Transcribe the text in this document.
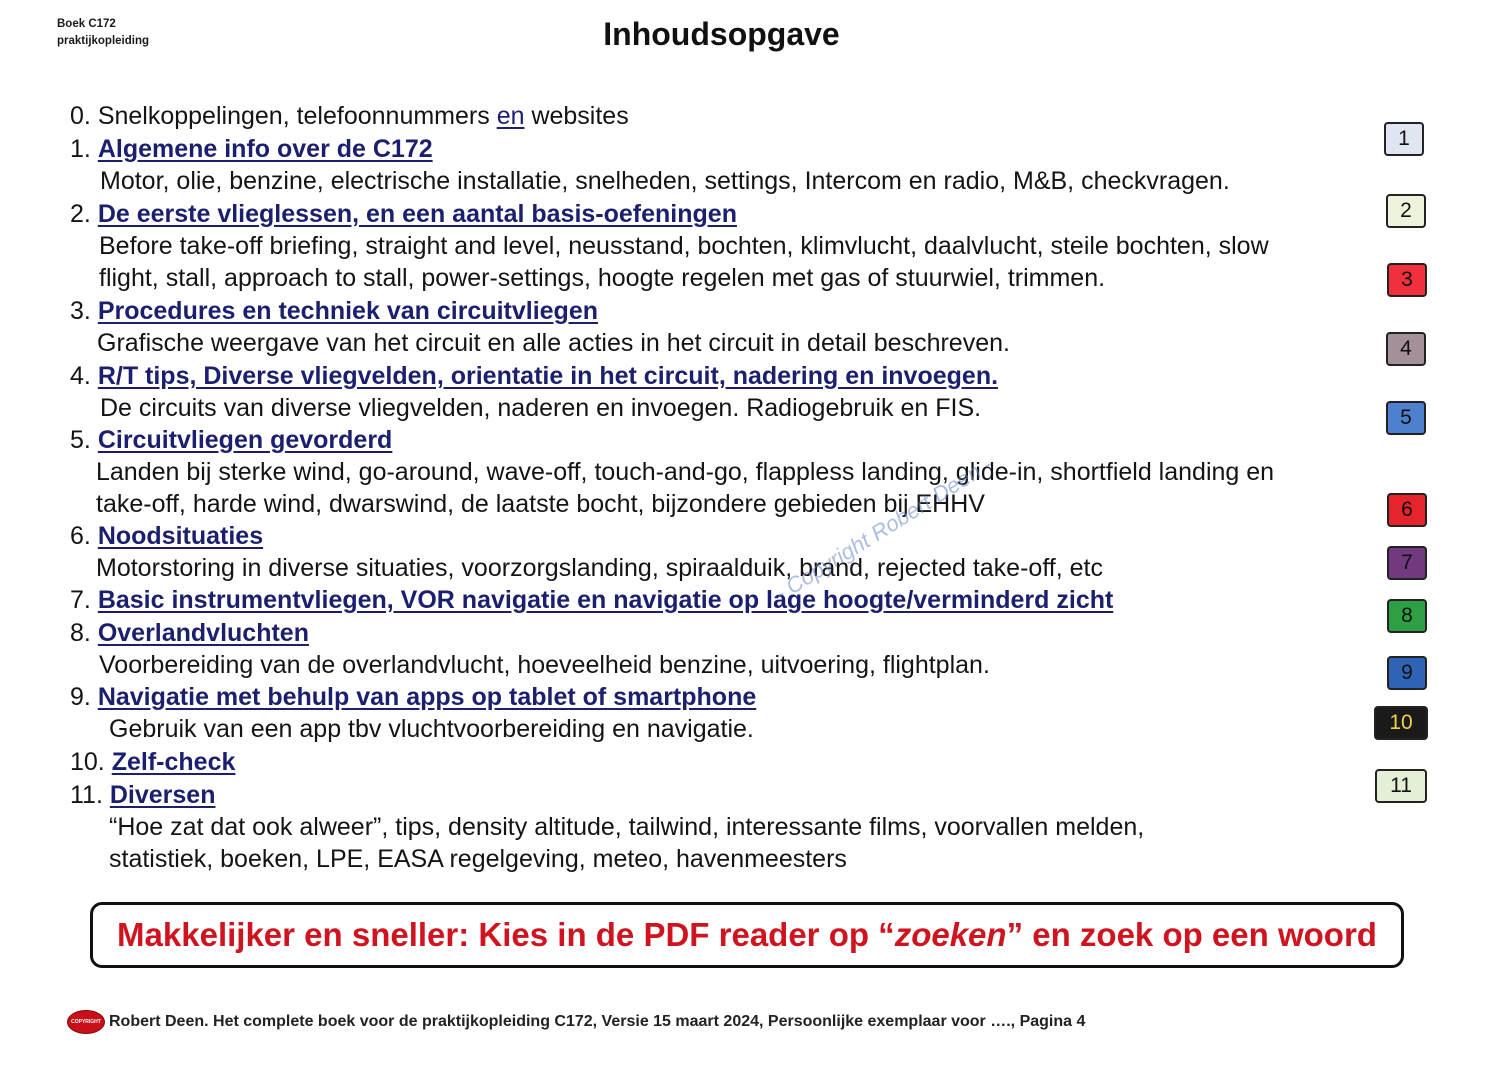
Boek C172
praktijkopleiding	Inhoudsopgave
0. Snelkoppelingen, telefoonnummers en websites
1. Algemene info over de C172
Motor, olie, benzine, electrische installatie, snelheden, settings, Intercom en radio, M&B, checkvragen.
2. De eerste vlieglessen, en een aantal basis-oefeningen
Before take-off briefing, straight and level, neusstand, bochten, klimvlucht, daalvlucht, steile bochten, slow
flight, stall, approach to stall, power-settings, hoogte regelen met gas of stuurwiel, trimmen.
3. Procedures en techniek van circuitvliegen
Grafische weergave van het circuit en alle acties in het circuit in detail beschreven.
4. R/T tips, Diverse vliegvelden, orientatie in het circuit, nadering en invoegen.
De circuits van diverse vliegvelden, naderen en invoegen. Radiogebruik en FIS.
5. Circuitvliegen gevorderd
Landen bij sterke wind, go-around, wave-off, touch-and-go, flappless landing, glide-in, shortfield landing en
take-off, harde wind, dwarswind, de laatste bocht, bijzondere gebieden bij EHHV
6. Noodsituaties
Motorstoring in diverse situaties, voorzorgslanding, spiraalduik, brand, rejected take-off, etc
7. Basic instrumentvliegen, VOR navigatie en navigatie op lage hoogte/verminderd zicht
8. Overlandvluchten
Voorbereiding van de overlandvlucht, hoeveelheid benzine, uitvoering, flightplan.
9. Navigatie met behulp van apps op tablet of smartphone
Gebruik van een app tbv vluchtvoorbereiding en navigatie.
10. Zelf-check
11. Diversen
“Hoe zat dat ook alweer”, tips, density altitude, tailwind, interessante films, voorvallen melden,
statistiek, boeken, LPE, EASA regelgeving, meteo, havenmeesters
1
2
3
4
5
6
7
8
9
10
11
- Copyright Robert Deen -
Makkelijker en sneller: Kies in de PDF reader op “ zoeken ” en zoek op een woord
COPYRIGHT Robert Deen. Het complete boek voor de praktijkopleiding C172, Versie 15 maart 2024, Persoonlijke exemplaar voor …., Pagina 4
